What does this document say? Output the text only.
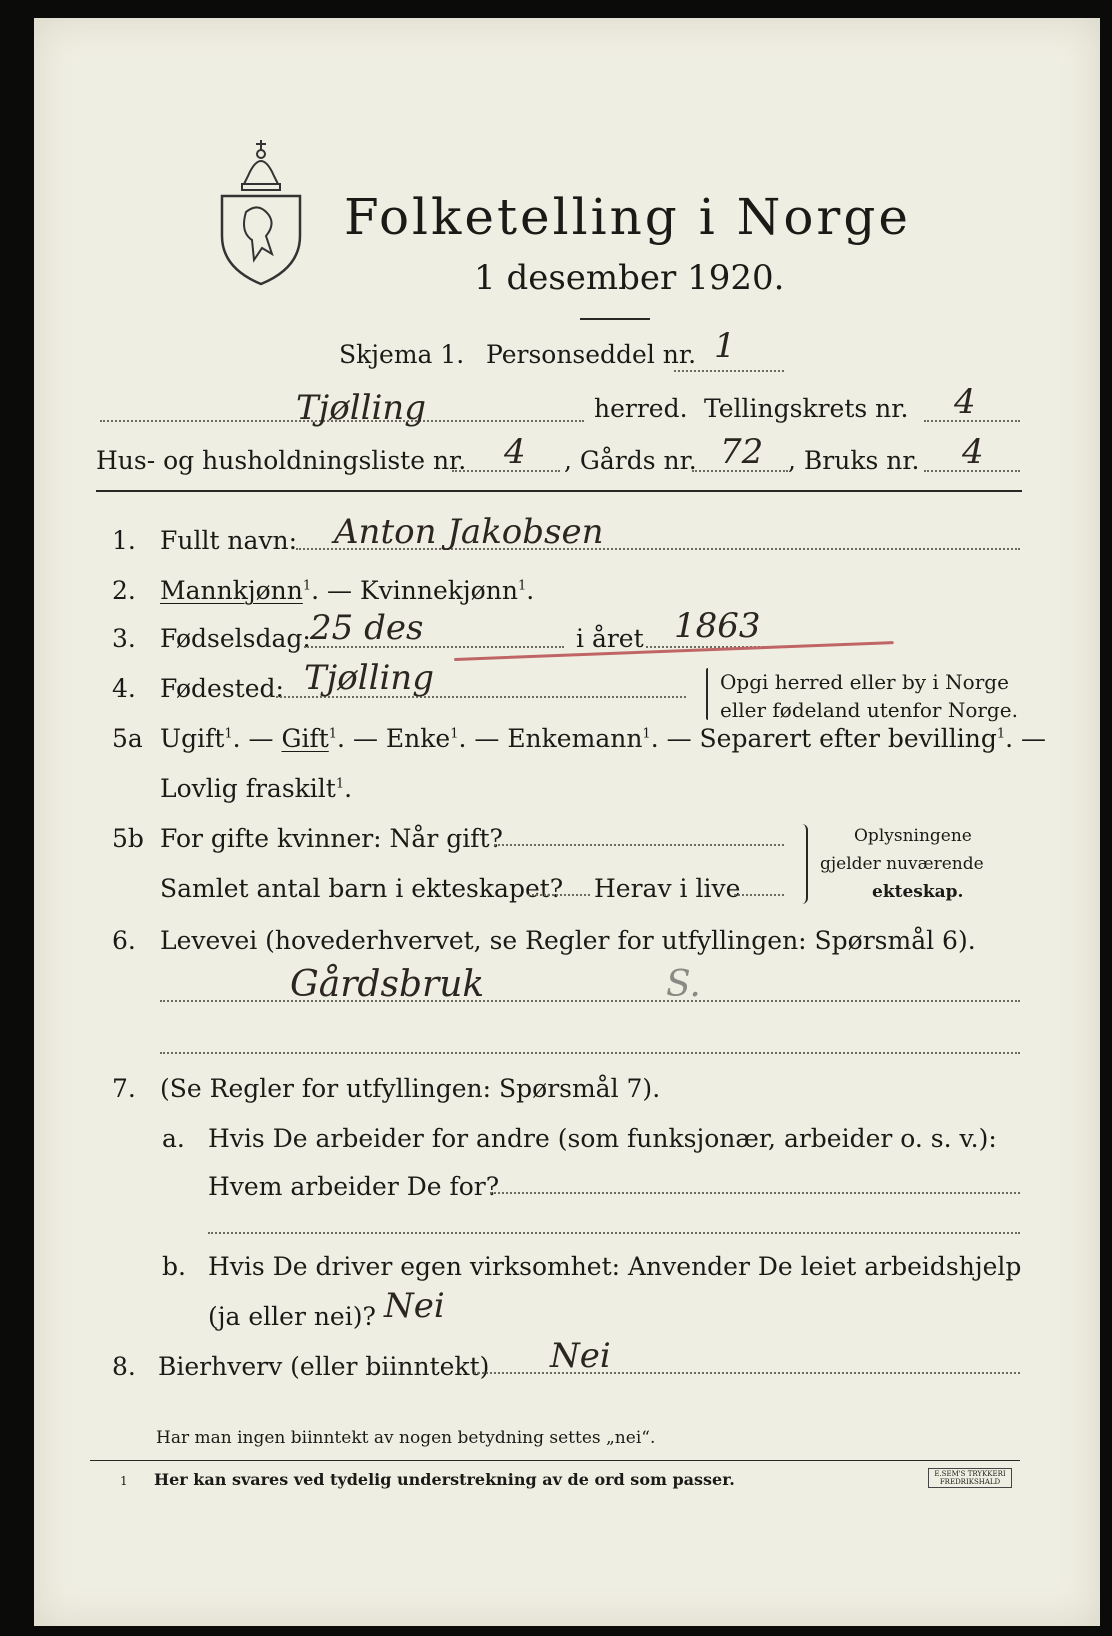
Folketelling i Norge
1 desember 1920.
Skjema 1. Personseddel nr. 1
Tjølling	herred. Tellingskrets nr. 4
Hus- og husholdningsliste nr. 4 , Gårds nr. 72 , Bruks nr. 4
1. Fullt navn: Anton Jakobsen
2. Mannkjønn$^1$. — Kvinnekjønn$^1$.
3. Fødselsdag: 25 des	i året 1863
4. Fødested: Tjølling	Opgi herred eller by i Norge
eller fødeland utenfor Norge.
5a Ugift$^1$. — Gift$^1$. — Enke$^1$. — Enkemann$^1$. — Separert efter bevilling$^1$. —
Lovlig fraskilt$^1$.
5b For gifte kvinner: Når gift?
Samlet antal barn i ekteskapet? Herav i live
Oplysningene
gjelder nuværende
ekteskap.
6. Levevei (hovederhvervet, se Regler for utfyllingen: Spørsmål 6).
Gårdsbruk	S.
7. (Se Regler for utfyllingen: Spørsmål 7).
a. Hvis De arbeider for andre (som funksjonær, arbeider o. s. v.):
Hvem arbeider De for?
b. Hvis De driver egen virksomhet: Anvender De leiet arbeidshjelp
(ja eller nei)? Nei
8. Bierhverv (eller biinntekt) Nei
Har man ingen biinntekt av nogen betydning settes „nei“.
1 Her kan svares ved tydelig understrekning av de ord som passer.	E.SEM'S TRYKKERI FREDRIKSHALD
